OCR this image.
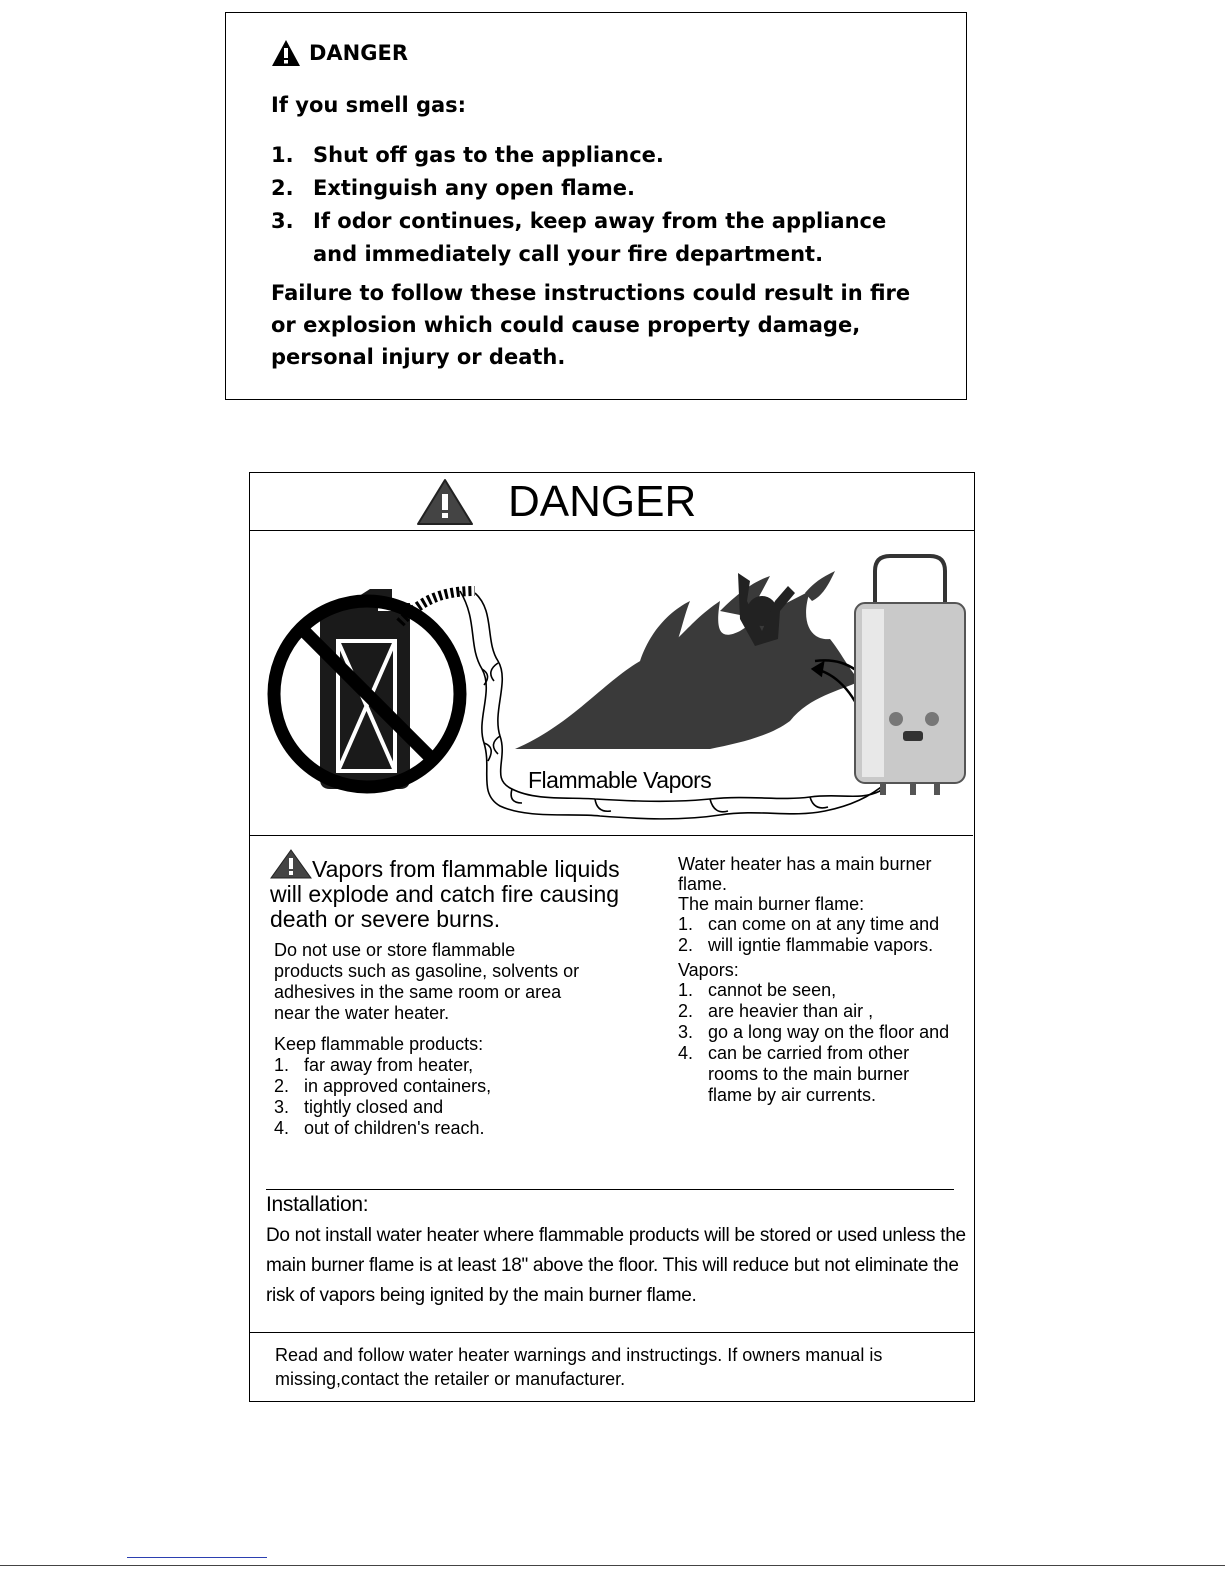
DANGER
If you smell gas:
1. Shut off gas to the appliance.
2. Extinguish any open flame.
3. If odor continues, keep away from the appliance and immediately call your fire department.
Failure to follow these instructions could result in fire or explosion which could cause property damage, personal injury or death.
DANGER
Flammable Vapors
Vapors from flammable liquids will explode and catch fire causing death or severe burns.
Do not use or store flammable products such as gasoline, solvents or adhesives in the same room or area near the water heater.
Keep flammable products:
1. far away from heater,
2. in approved containers,
3. tightly closed and
4. out of children's reach.
Water heater has a main burner flame.
The main burner flame:
1. can come on at any time and
2. will igntie flammabie vapors.
Vapors:
1. cannot be seen,
2. are heavier than air ,
3. go a long way on the floor and
4. can be carried from other rooms to the main burner flame by air currents.
Installation:
Do not install water heater where flammable products will be stored or used unless the main burner flame is at least 18" above the floor. This will reduce but not eliminate the risk of vapors being ignited by the main burner flame.
Read and follow water heater warnings and instructings. If owners manual is missing,contact the retailer or manufacturer.
